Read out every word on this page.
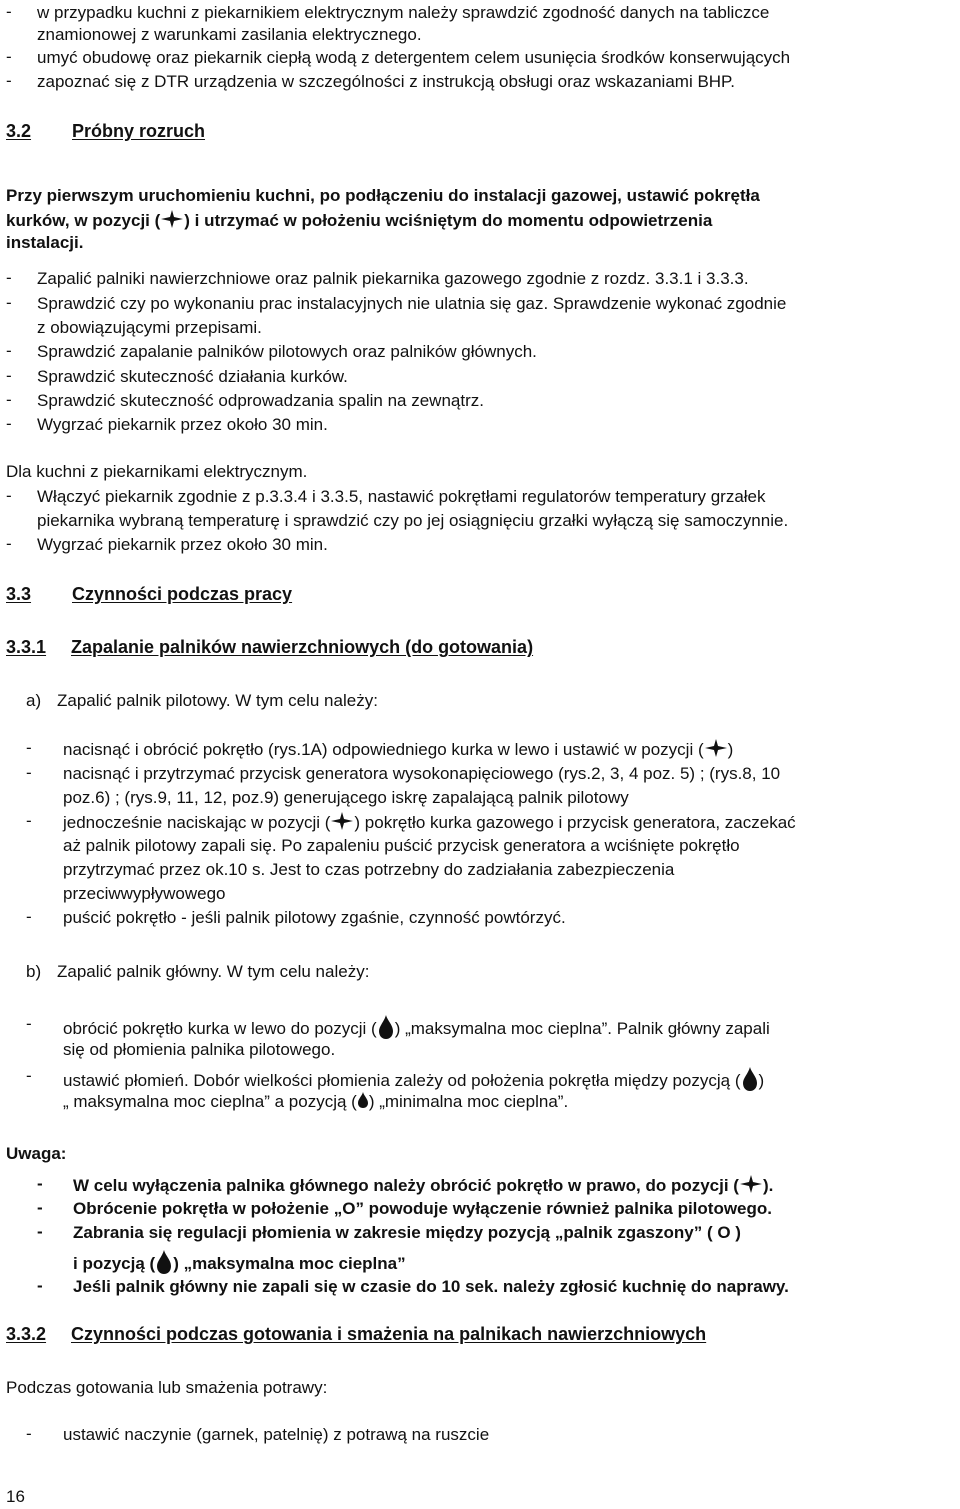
- w przypadku kuchni z piekarnikiem elektrycznym należy sprawdzić zgodność danych na tabliczce
znamionowej z warunkami zasilania elektrycznego.
- umyć obudowę oraz piekarnik ciepłą wodą z detergentem celem usunięcia środków konserwujących
- zapoznać się z DTR urządzenia w szczególności z instrukcją obsługi oraz wskazaniami BHP.
3.2 Próbny rozruch
Przy pierwszym uruchomieniu kuchni, po podłączeniu do instalacji gazowej, ustawić pokrętła
kurków, w pozycji ( ) i utrzymać w położeniu wciśniętym do momentu odpowietrzenia
instalacji.
- Zapalić palniki nawierzchniowe oraz palnik piekarnika gazowego zgodnie z rozdz. 3.3.1 i 3.3.3.
- Sprawdzić czy po wykonaniu prac instalacyjnych nie ulatnia się gaz. Sprawdzenie wykonać zgodnie
z obowiązującymi przepisami.
- Sprawdzić zapalanie palników pilotowych oraz palników głównych.
- Sprawdzić skuteczność działania kurków.
- Sprawdzić skuteczność odprowadzania spalin na zewnątrz.
- Wygrzać piekarnik przez około 30 min.
Dla kuchni z piekarnikami elektrycznym.
- Włączyć piekarnik zgodnie z p.3.3.4 i 3.3.5, nastawić pokrętłami regulatorów temperatury grzałek
piekarnika wybraną temperaturę i sprawdzić czy po jej osiągnięciu grzałki wyłączą się samoczynnie.
- Wygrzać piekarnik przez około 30 min.
3.3 Czynności podczas pracy
3.3.1 Zapalanie palników nawierzchniowych (do gotowania)
a) Zapalić palnik pilotowy. W tym celu należy:
- nacisnąć i obrócić pokrętło (rys.1A) odpowiedniego kurka w lewo i ustawić w pozycji ( )
- nacisnąć i przytrzymać przycisk generatora wysokonapięciowego (rys.2, 3, 4 poz. 5) ; (rys.8, 10
poz.6) ; (rys.9, 11, 12, poz.9) generującego iskrę zapalającą palnik pilotowy
- jednocześnie naciskając w pozycji ( ) pokrętło kurka gazowego i przycisk generatora, zaczekać
aż palnik pilotowy zapali się. Po zapaleniu puścić przycisk generatora a wciśnięte pokrętło
przytrzymać przez ok.10 s. Jest to czas potrzebny do zadziałania zabezpieczenia
przeciwwypływowego
- puścić pokrętło - jeśli palnik pilotowy zgaśnie, czynność powtórzyć.
b) Zapalić palnik główny. W tym celu należy:
- obrócić pokrętło kurka w lewo do pozycji ( ) „maksymalna moc cieplna”. Palnik główny zapali
się od płomienia palnika pilotowego.
- ustawić płomień. Dobór wielkości płomienia zależy od położenia pokrętła między pozycją ( )
„ maksymalna moc cieplna” a pozycją ( ) „minimalna moc cieplna”.
Uwaga:
- W celu wyłączenia palnika głównego należy obrócić pokrętło w prawo, do pozycji ( ).
- Obrócenie pokrętła w położenie „O” powoduje wyłączenie również palnika pilotowego.
- Zabrania się regulacji płomienia w zakresie między pozycją „palnik zgaszony” ( O )
i pozycją ( ) „maksymalna moc cieplna”
- Jeśli palnik główny nie zapali się w czasie do 10 sek. należy zgłosić kuchnię do naprawy.
3.3.2 Czynności podczas gotowania i smażenia na palnikach nawierzchniowych
Podczas gotowania lub smażenia potrawy:
- ustawić naczynie (garnek, patelnię) z potrawą na ruszcie
16
